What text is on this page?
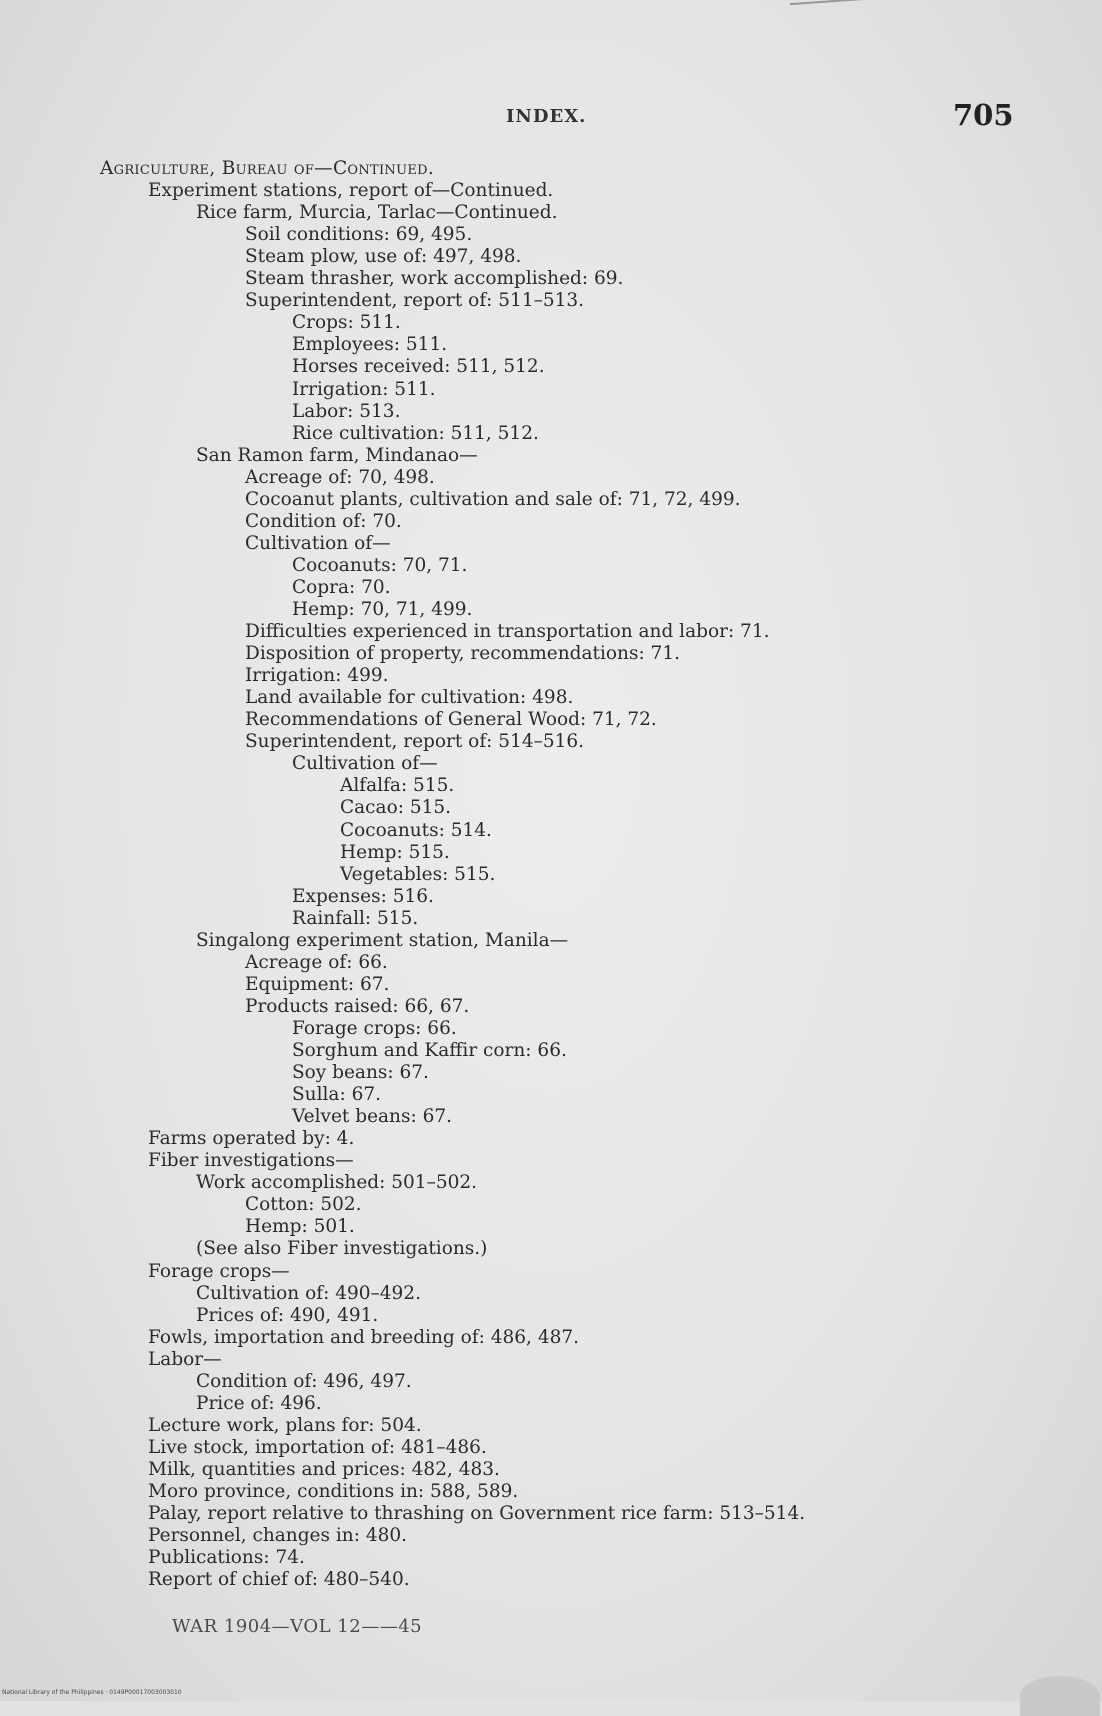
INDEX.	705
Agriculture, Bureau of—Continued.
Experiment stations, report of—Continued.
Rice farm, Murcia, Tarlac—Continued.
Soil conditions: 69, 495.
Steam plow, use of: 497, 498.
Steam thrasher, work accomplished: 69.
Superintendent, report of: 511–513.
Crops: 511.
Employees: 511.
Horses received: 511, 512.
Irrigation: 511.
Labor: 513.
Rice cultivation: 511, 512.
San Ramon farm, Mindanao—
Acreage of: 70, 498.
Cocoanut plants, cultivation and sale of: 71, 72, 499.
Condition of: 70.
Cultivation of—
Cocoanuts: 70, 71.
Copra: 70.
Hemp: 70, 71, 499.
Difficulties experienced in transportation and labor: 71.
Disposition of property, recommendations: 71.
Irrigation: 499.
Land available for cultivation: 498.
Recommendations of General Wood: 71, 72.
Superintendent, report of: 514–516.
Cultivation of—
Alfalfa: 515.
Cacao: 515.
Cocoanuts: 514.
Hemp: 515.
Vegetables: 515.
Expenses: 516.
Rainfall: 515.
Singalong experiment station, Manila—
Acreage of: 66.
Equipment: 67.
Products raised: 66, 67.
Forage crops: 66.
Sorghum and Kaffir corn: 66.
Soy beans: 67.
Sulla: 67.
Velvet beans: 67.
Farms operated by: 4.
Fiber investigations—
Work accomplished: 501–502.
Cotton: 502.
Hemp: 501.
(See also Fiber investigations.)
Forage crops—
Cultivation of: 490–492.
Prices of: 490, 491.
Fowls, importation and breeding of: 486, 487.
Labor—
Condition of: 496, 497.
Price of: 496.
Lecture work, plans for: 504.
Live stock, importation of: 481–486.
Milk, quantities and prices: 482, 483.
Moro province, conditions in: 588, 589.
Palay, report relative to thrashing on Government rice farm: 513–514.
Personnel, changes in: 480.
Publications: 74.
Report of chief of: 480–540.
WAR 1904—VOL 12——45
National Library of the Philippines · 0149P00017003003010
